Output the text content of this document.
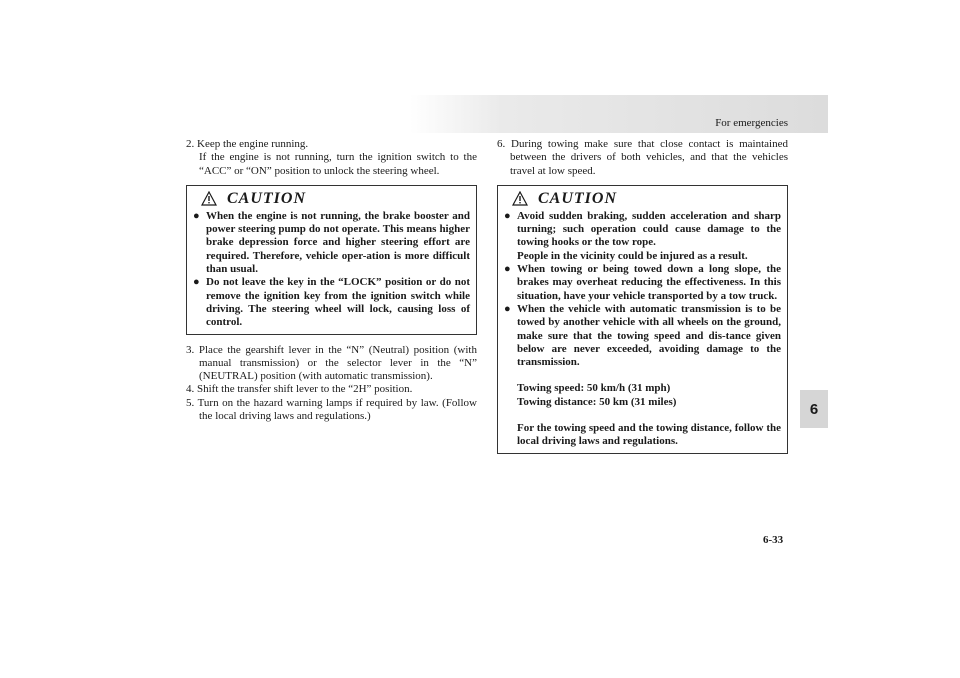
For emergencies
6
6-33

2. Keep the engine running.
If the engine is not running, turn the ignition switch to the “ACC” or “ON” position to unlock the steering wheel.

CAUTION
● When the engine is not running, the brake booster and power steering pump do not operate. This means higher brake depression force and higher steering effort are required. Therefore, vehicle oper-ation is more difficult than usual.
● Do not leave the key in the “LOCK” position or do not remove the ignition key from the ignition switch while driving. The steering wheel will lock, causing loss of control.

3. Place the gearshift lever in the “N” (Neutral) position (with manual transmission) or the selector lever in the “N” (NEUTRAL) position (with automatic transmission).

4. Shift the transfer shift lever to the “2H” position.

5. Turn on the hazard warning lamps if required by law. (Follow the local driving laws and regulations.)

6. During towing make sure that close contact is maintained between the drivers of both vehicles, and that the vehicles travel at low speed.

CAUTION
● Avoid sudden braking, sudden acceleration and sharp turning; such operation could cause damage to the towing hooks or the tow rope.
People in the vicinity could be injured as a result.
● When towing or being towed down a long slope, the brakes may overheat reducing the effectiveness. In this situation, have your vehicle transported by a tow truck.
● When the vehicle with automatic transmission is to be towed by another vehicle with all wheels on the ground, make sure that the towing speed and dis-tance given below are never exceeded, avoiding damage to the transmission.

Towing speed: 50 km/h (31 mph)

Towing distance: 50 km (31 miles)

For the towing speed and the towing distance, follow the local driving laws and regulations.
